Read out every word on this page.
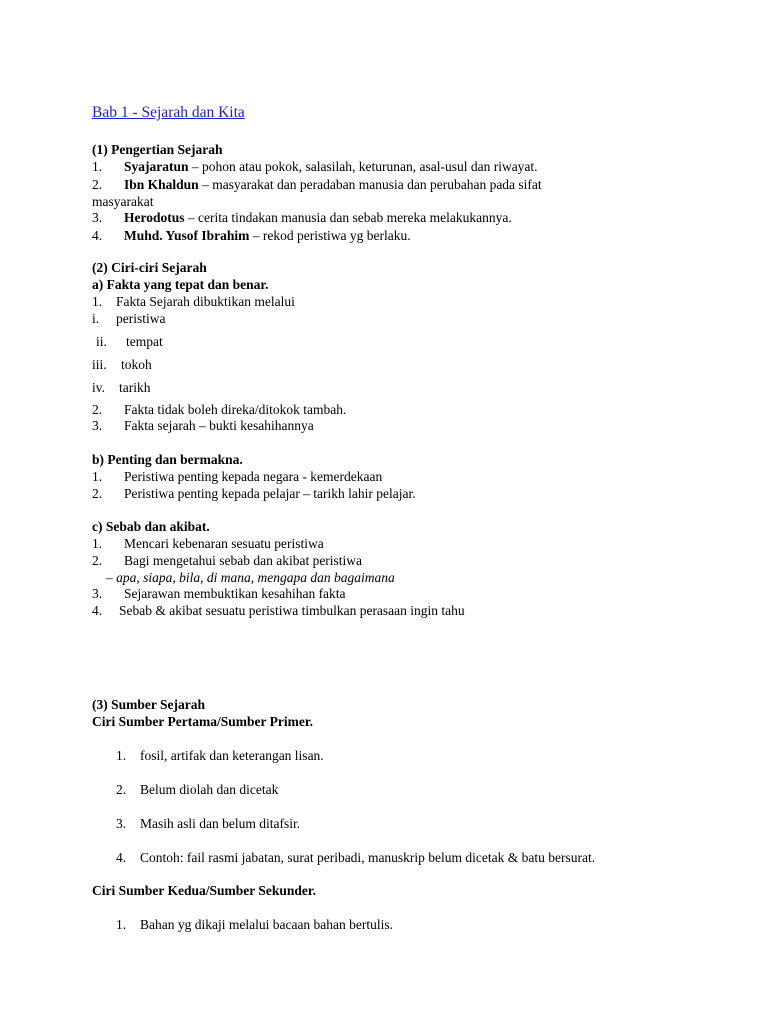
Bab 1 - Sejarah dan Kita
(1) Pengertian Sejarah
1. Syajaratun – pohon atau pokok, salasilah, keturunan, asal-usul dan riwayat.
2. Ibn Khaldun – masyarakat dan peradaban manusia dan perubahan pada sifat
masyarakat
3. Herodotus – cerita tindakan manusia dan sebab mereka melakukannya.
4. Muhd. Yusof Ibrahim – rekod peristiwa yg berlaku.
(2) Ciri-ciri Sejarah
a) Fakta yang tepat dan benar.
1. Fakta Sejarah dibuktikan melalui
i. peristiwa
ii. tempat
iii. tokoh
iv. tarikh
2. Fakta tidak boleh direka/ditokok tambah.
3. Fakta sejarah – bukti kesahihannya
b) Penting dan bermakna.
1. Peristiwa penting kepada negara - kemerdekaan
2. Peristiwa penting kepada pelajar – tarikh lahir pelajar.
c) Sebab dan akibat.
1. Mencari kebenaran sesuatu peristiwa
2. Bagi mengetahui sebab dan akibat peristiwa
– apa, siapa, bila, di mana, mengapa dan bagaimana
3. Sejarawan membuktikan kesahihan fakta
4. Sebab & akibat sesuatu peristiwa timbulkan perasaan ingin tahu
(3) Sumber Sejarah
Ciri Sumber Pertama/Sumber Primer.
1. fosil, artifak dan keterangan lisan.
2. Belum diolah dan dicetak
3. Masih asli dan belum ditafsir.
4. Contoh: fail rasmi jabatan, surat peribadi, manuskrip belum dicetak & batu bersurat.
Ciri Sumber Kedua/Sumber Sekunder.
1. Bahan yg dikaji melalui bacaan bahan bertulis.
